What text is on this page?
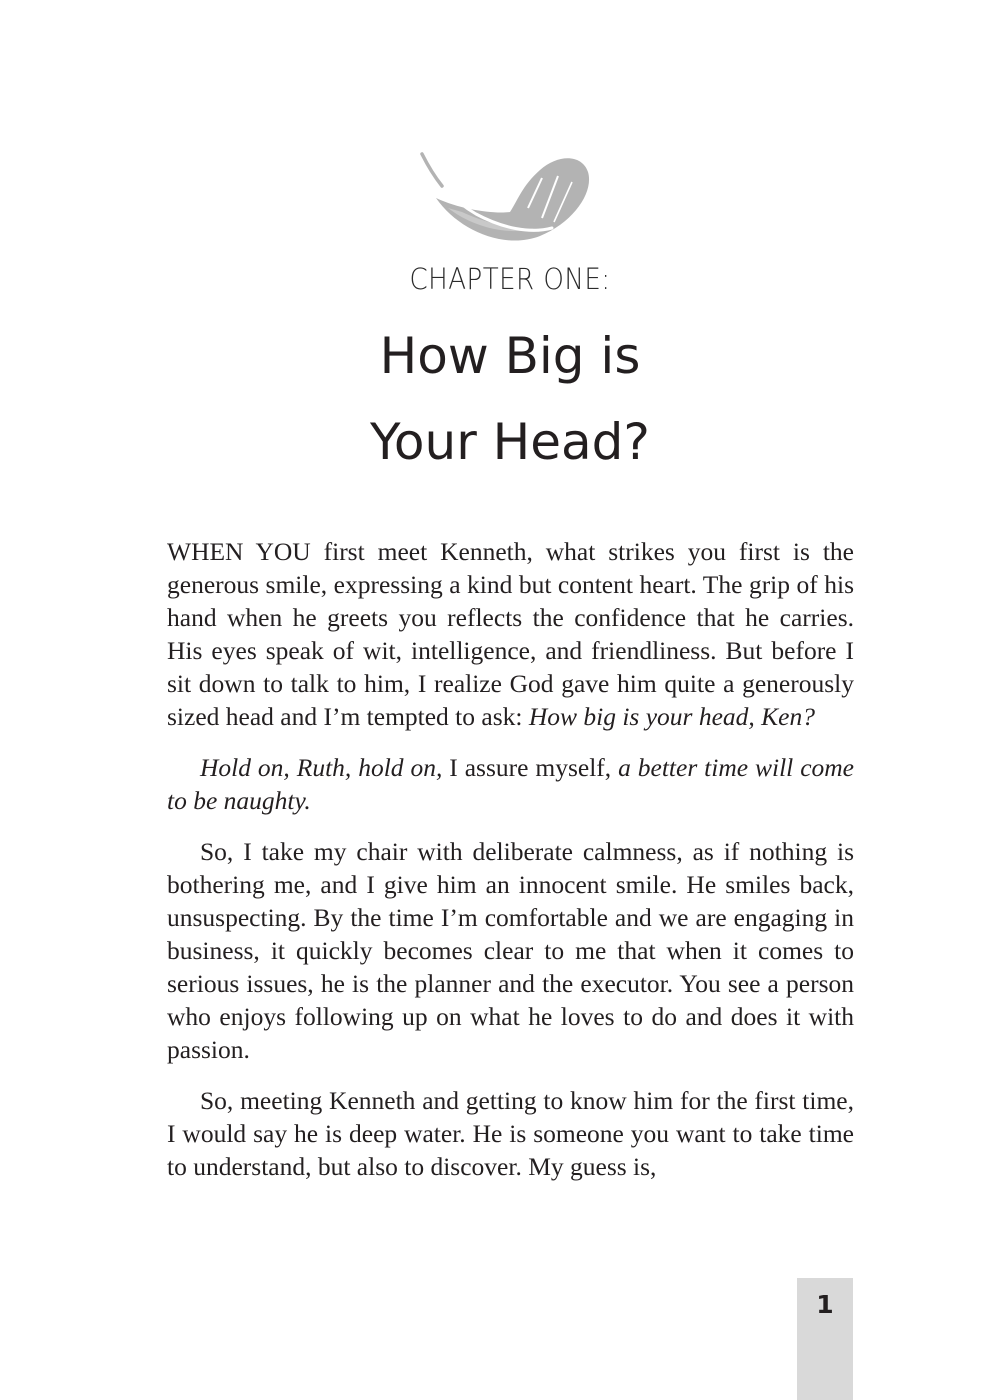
CHAPTER ONE:
How Big is
Your Head?

WHEN YOU first meet Kenneth, what strikes you first is the generous smile, expressing a kind but content heart. The grip of his hand when he greets you reflects the confidence that he carries. His eyes speak of wit, intelligence, and friendliness. But before I sit down to talk to him, I realize God gave him quite a generously sized head and I’m tempted to ask: How big is your head, Ken?

Hold on, Ruth, hold on, I assure myself, a better time will come to be naughty.

So, I take my chair with deliberate calmness, as if nothing is bothering me, and I give him an innocent smile. He smiles back, unsuspecting. By the time I’m comfortable and we are engaging in business, it quickly becomes clear to me that when it comes to serious issues, he is the planner and the executor. You see a person who enjoys following up on what he loves to do and does it with passion.

So, meeting Kenneth and getting to know him for the first time, I would say he is deep water. He is someone you want to take time to understand, but also to discover. My guess is,

1
